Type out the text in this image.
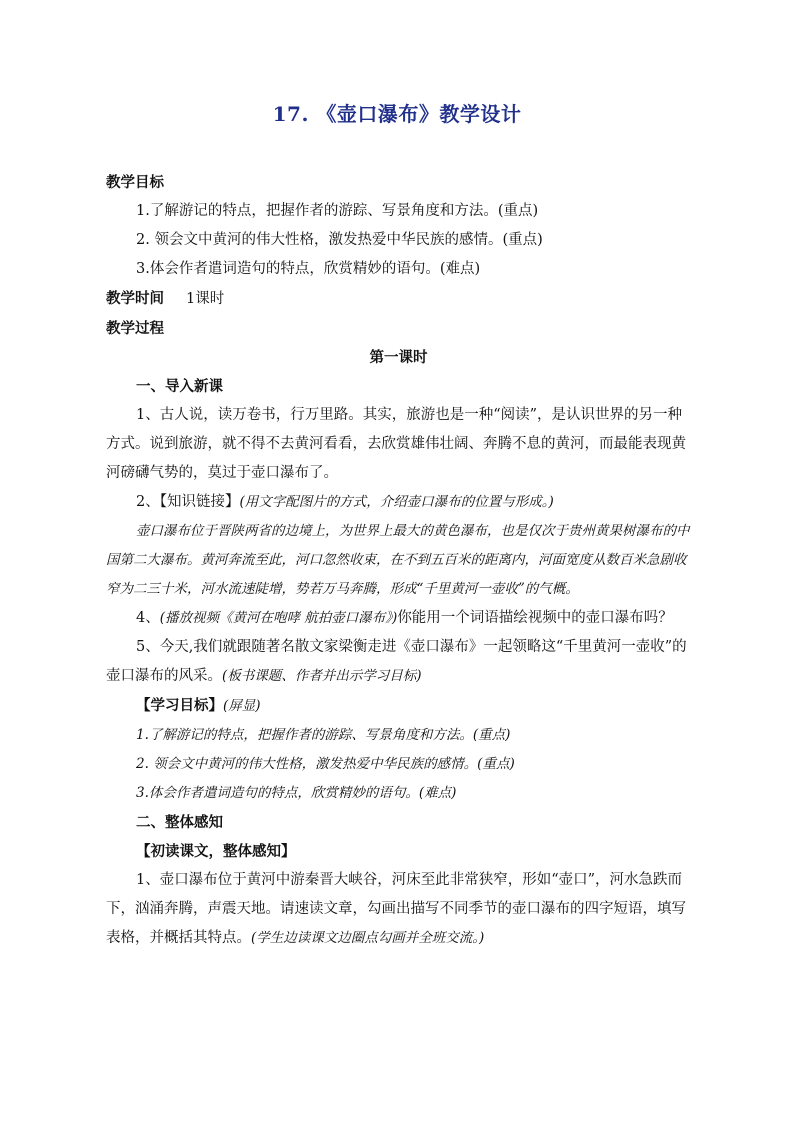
17. 《壶口瀑布》教学设计

教学目标

1.了解游记的特点，把握作者的游踪、写景角度和方法。(重点)

2. 领会文中黄河的伟大性格，激发热爱中华民族的感情。(重点)

3.体会作者遣词造句的特点，欣赏精妙的语句。(难点)

教学时间 1课时

教学过程

第一课时

一、导入新课

1、古人说，读万卷书，行万里路。其实，旅游也是一种“阅读”，是认识世界的另一种方式。说到旅游，就不得不去黄河看看，去欣赏雄伟壮阔、奔腾不息的黄河，而最能表现黄河磅礴气势的，莫过于壶口瀑布了。

2、【知识链接】(用文字配图片的方式，介绍壶口瀑布的位置与形成。)

壶口瀑布位于晋陕两省的边境上，为世界上最大的黄色瀑布，也是仅次于贵州黄果树瀑布的中国第二大瀑布。黄河奔流至此，河口忽然收束，在不到五百米的距离内，河面宽度从数百米急剧收窄为二三十米，河水流速陡增，势若万马奔腾，形成“千里黄河一壶收”的气概。

4、(播放视频《黄河在咆哮 航拍壶口瀑布》)你能用一个词语描绘视频中的壶口瀑布吗？

5、今天,我们就跟随著名散文家梁衡走进《壶口瀑布》一起领略这“千里黄河一壶收”的壶口瀑布的风采。(板书课题、作者并出示学习目标)

【学习目标】(屏显)

1.了解游记的特点，把握作者的游踪、写景角度和方法。(重点)

2. 领会文中黄河的伟大性格，激发热爱中华民族的感情。(重点)

3.体会作者遣词造句的特点，欣赏精妙的语句。(难点)

二、整体感知

【初读课文，整体感知】

1、壶口瀑布位于黄河中游秦晋大峡谷，河床至此非常狭窄，形如“壶口”，河水急跌而下，汹涌奔腾，声震天地。请速读文章，勾画出描写不同季节的壶口瀑布的四字短语，填写表格，并概括其特点。(学生边读课文边圈点勾画并全班交流。)
